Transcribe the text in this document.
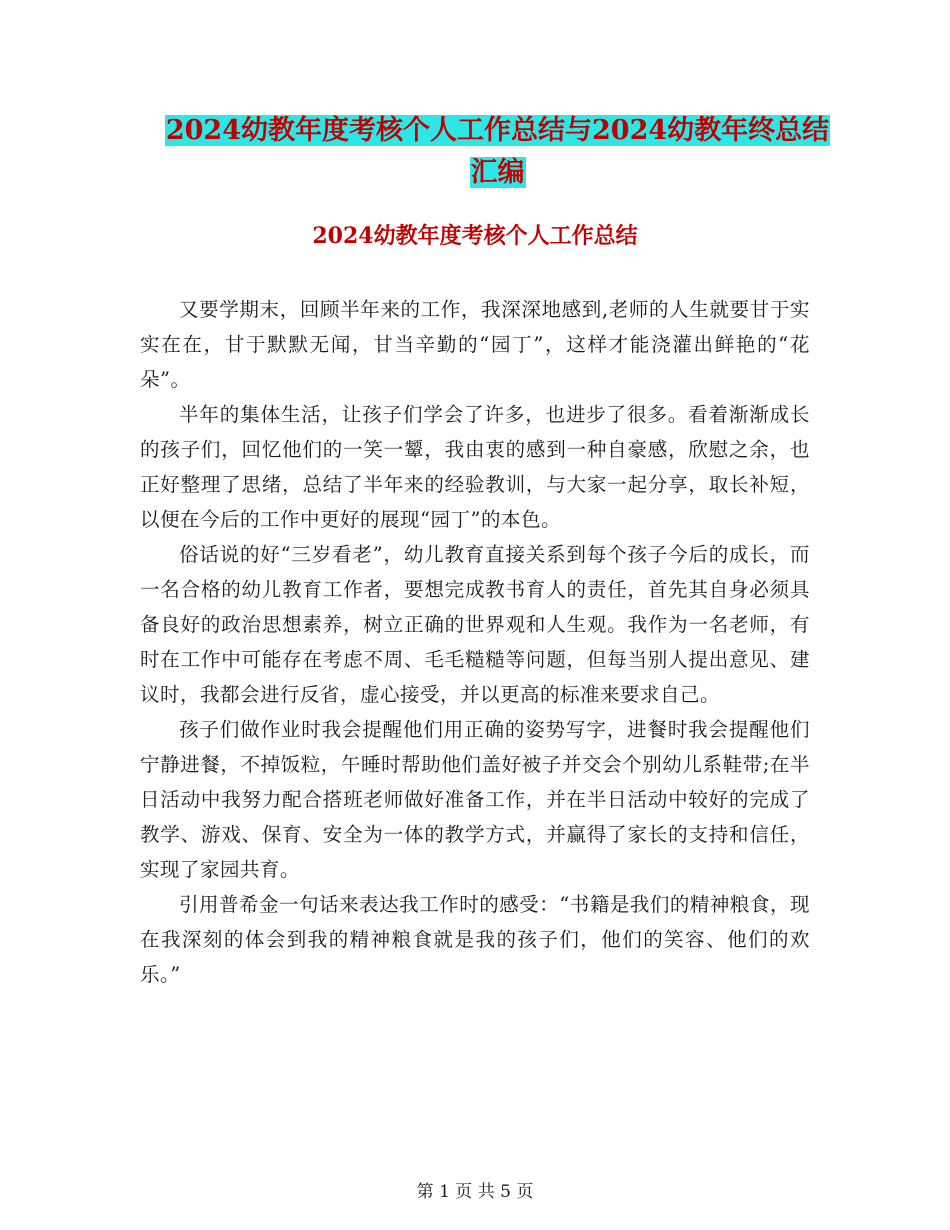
2024幼教年度考核个人工作总结与2024幼教年终总结
汇编
2024幼教年度考核个人工作总结

又要学期末，回顾半年来的工作，我深深地感到,老师的人生就要甘于实实在在，甘于默默无闻，甘当辛勤的“园丁”，这样才能浇灌出鲜艳的“花朵”。

半年的集体生活，让孩子们学会了许多，也进步了很多。看着渐渐成长的孩子们，回忆他们的一笑一颦，我由衷的感到一种自豪感，欣慰之余，也正好整理了思绪，总结了半年来的经验教训，与大家一起分享，取长补短，以便在今后的工作中更好的展现“园丁”的本色。

俗话说的好“三岁看老”，幼儿教育直接关系到每个孩子今后的成长，而一名合格的幼儿教育工作者，要想完成教书育人的责任，首先其自身必须具备良好的政治思想素养，树立正确的世界观和人生观。我作为一名老师，有时在工作中可能存在考虑不周、毛毛糙糙等问题，但每当别人提出意见、建议时，我都会进行反省，虚心接受，并以更高的标准来要求自己。

孩子们做作业时我会提醒他们用正确的姿势写字，进餐时我会提醒他们宁静进餐，不掉饭粒，午睡时帮助他们盖好被子并交会个别幼儿系鞋带;在半日活动中我努力配合搭班老师做好准备工作，并在半日活动中较好的完成了教学、游戏、保育、安全为一体的教学方式，并赢得了家长的支持和信任，实现了家园共育。

引用普希金一句话来表达我工作时的感受：“书籍是我们的精神粮食，现在我深刻的体会到我的精神粮食就是我的孩子们，他们的笑容、他们的欢乐。”

第 1 页 共 5 页
